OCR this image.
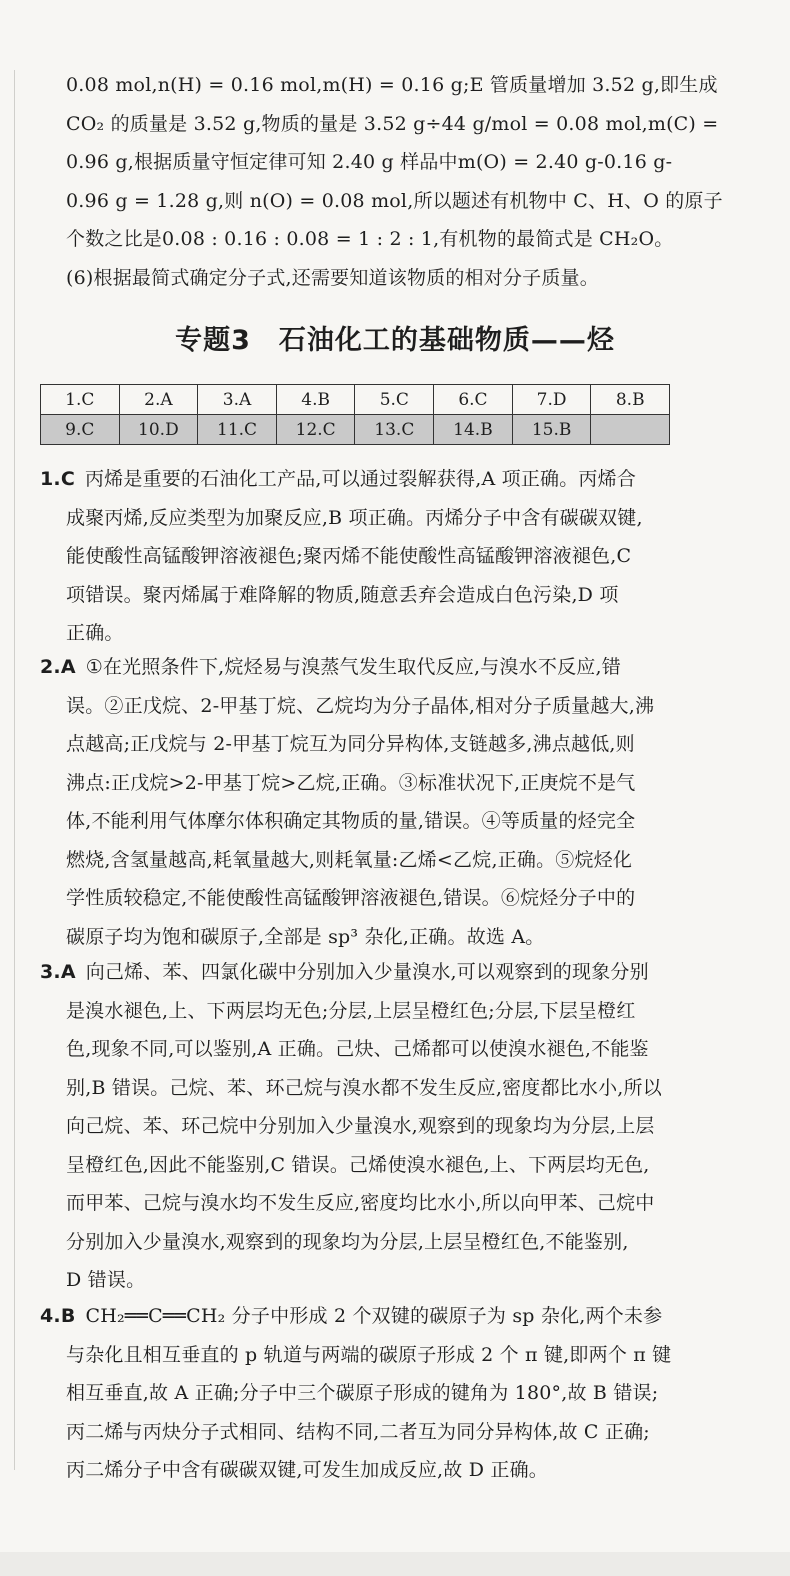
0.08 mol,n(H) = 0.16 mol,m(H) = 0.16 g;E 管质量增加 3.52 g,即生成
CO₂ 的质量是 3.52 g,物质的量是 3.52 g÷44 g/mol = 0.08 mol,m(C) =
0.96 g,根据质量守恒定律可知 2.40 g 样品中m(O) = 2.40 g-0.16 g-
0.96 g = 1.28 g,则 n(O) = 0.08 mol,所以题述有机物中 C、H、O 的原子
个数之比是0.08 : 0.16 : 0.08 = 1 : 2 : 1,有机物的最简式是 CH₂O。
(6)根据最简式确定分子式,还需要知道该物质的相对分子质量。
专题3　石油化工的基础物质——烃
1.C	2.A	3.A	4.B	5.C	6.C	7.D	8.B
9.C	10.D	11.C	12.C	13.C	14.B	15.B	
1.C 丙烯是重要的石油化工产品,可以通过裂解获得,A 项正确。丙烯合
成聚丙烯,反应类型为加聚反应,B 项正确。丙烯分子中含有碳碳双键,
能使酸性高锰酸钾溶液褪色;聚丙烯不能使酸性高锰酸钾溶液褪色,C
项错误。聚丙烯属于难降解的物质,随意丢弃会造成白色污染,D 项
正确。
2.A ①在光照条件下,烷烃易与溴蒸气发生取代反应,与溴水不反应,错
误。②正戊烷、2-甲基丁烷、乙烷均为分子晶体,相对分子质量越大,沸
点越高;正戊烷与 2-甲基丁烷互为同分异构体,支链越多,沸点越低,则
沸点:正戊烷>2-甲基丁烷>乙烷,正确。③标准状况下,正庚烷不是气
体,不能利用气体摩尔体积确定其物质的量,错误。④等质量的烃完全
燃烧,含氢量越高,耗氧量越大,则耗氧量:乙烯<乙烷,正确。⑤烷烃化
学性质较稳定,不能使酸性高锰酸钾溶液褪色,错误。⑥烷烃分子中的
碳原子均为饱和碳原子,全部是 sp³ 杂化,正确。故选 A。
3.A 向己烯、苯、四氯化碳中分别加入少量溴水,可以观察到的现象分别
是溴水褪色,上、下两层均无色;分层,上层呈橙红色;分层,下层呈橙红
色,现象不同,可以鉴别,A 正确。己炔、己烯都可以使溴水褪色,不能鉴
别,B 错误。己烷、苯、环己烷与溴水都不发生反应,密度都比水小,所以
向己烷、苯、环己烷中分别加入少量溴水,观察到的现象均为分层,上层
呈橙红色,因此不能鉴别,C 错误。己烯使溴水褪色,上、下两层均无色,
而甲苯、己烷与溴水均不发生反应,密度均比水小,所以向甲苯、己烷中
分别加入少量溴水,观察到的现象均为分层,上层呈橙红色,不能鉴别,
D 错误。
4.B CH₂══C══CH₂ 分子中形成 2 个双键的碳原子为 sp 杂化,两个未参
与杂化且相互垂直的 p 轨道与两端的碳原子形成 2 个 π 键,即两个 π 键
相互垂直,故 A 正确;分子中三个碳原子形成的键角为 180°,故 B 错误;
丙二烯与丙炔分子式相同、结构不同,二者互为同分异构体,故 C 正确;
丙二烯分子中含有碳碳双键,可发生加成反应,故 D 正确。
